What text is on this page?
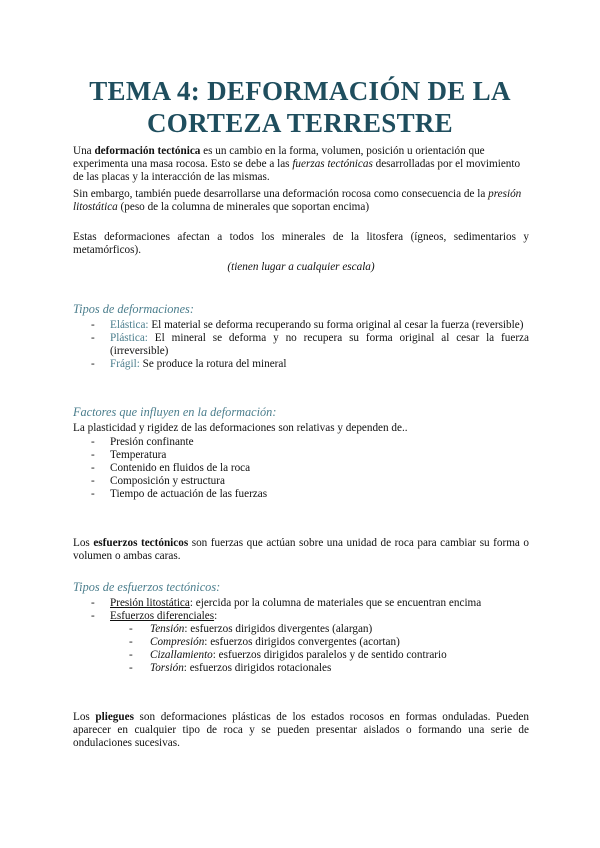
TEMA 4: DEFORMACIÓN DE LA
CORTEZA TERRESTRE
Una deformación tectónica es un cambio en la forma, volumen, posición u orientación que experimenta una masa rocosa. Esto se debe a las fuerzas tectónicas desarrolladas por el movimiento de las placas y la interacción de las mismas.
Sin embargo, también puede desarrollarse una deformación rocosa como consecuencia de la presión litostática (peso de la columna de minerales que soportan encima)
Estas deformaciones afectan a todos los minerales de la litosfera (ígneos, sedimentarios y metamórficos).
(tienen lugar a cualquier escala)
Tipos de deformaciones:
- Elástica: El material se deforma recuperando su forma original al cesar la fuerza (reversible)
- Plástica: El mineral se deforma y no recupera su forma original al cesar la fuerza (irreversible)
- Frágil: Se produce la rotura del mineral
Factores que influyen en la deformación:
La plasticidad y rigidez de las deformaciones son relativas y dependen de..
- Presión confinante
- Temperatura
- Contenido en fluidos de la roca
- Composición y estructura
- Tiempo de actuación de las fuerzas
Los esfuerzos tectónicos son fuerzas que actúan sobre una unidad de roca para cambiar su forma o volumen o ambas caras.
Tipos de esfuerzos tectónicos:
- Presión litostática: ejercida por la columna de materiales que se encuentran encima
- Esfuerzos diferenciales:
- Tensión: esfuerzos dirigidos divergentes (alargan)
- Compresión: esfuerzos dirigidos convergentes (acortan)
- Cizallamiento: esfuerzos dirigidos paralelos y de sentido contrario
- Torsión: esfuerzos dirigidos rotacionales
Los pliegues son deformaciones plásticas de los estados rocosos en formas onduladas. Pueden aparecer en cualquier tipo de roca y se pueden presentar aislados o formando una serie de ondulaciones sucesivas.
